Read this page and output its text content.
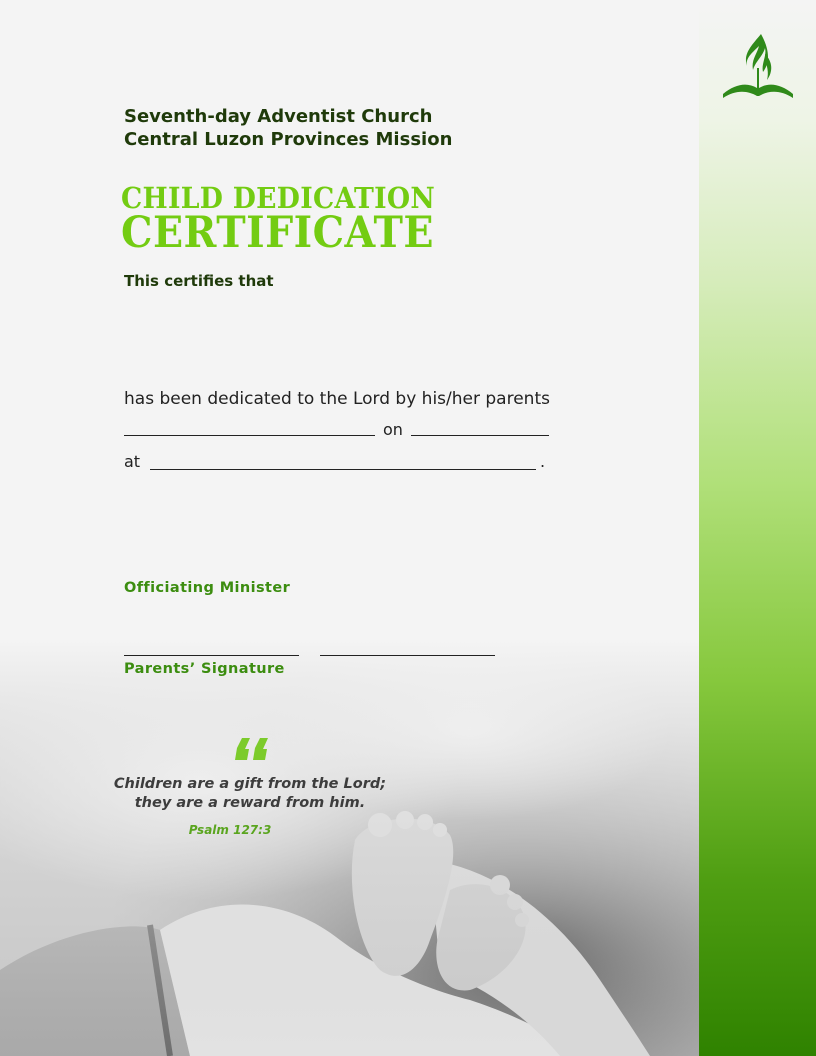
Seventh-day Adventist Church
Central Luzon Provinces Mission
CHILD DEDICATION
CERTIFICATE
This certifies that
has been dedicated to the Lord by his/her parents
on
at	.
Officiating Minister
Parents’ Signature
Children are a gift from the Lord;
they are a reward from him.
Psalm 127:3
